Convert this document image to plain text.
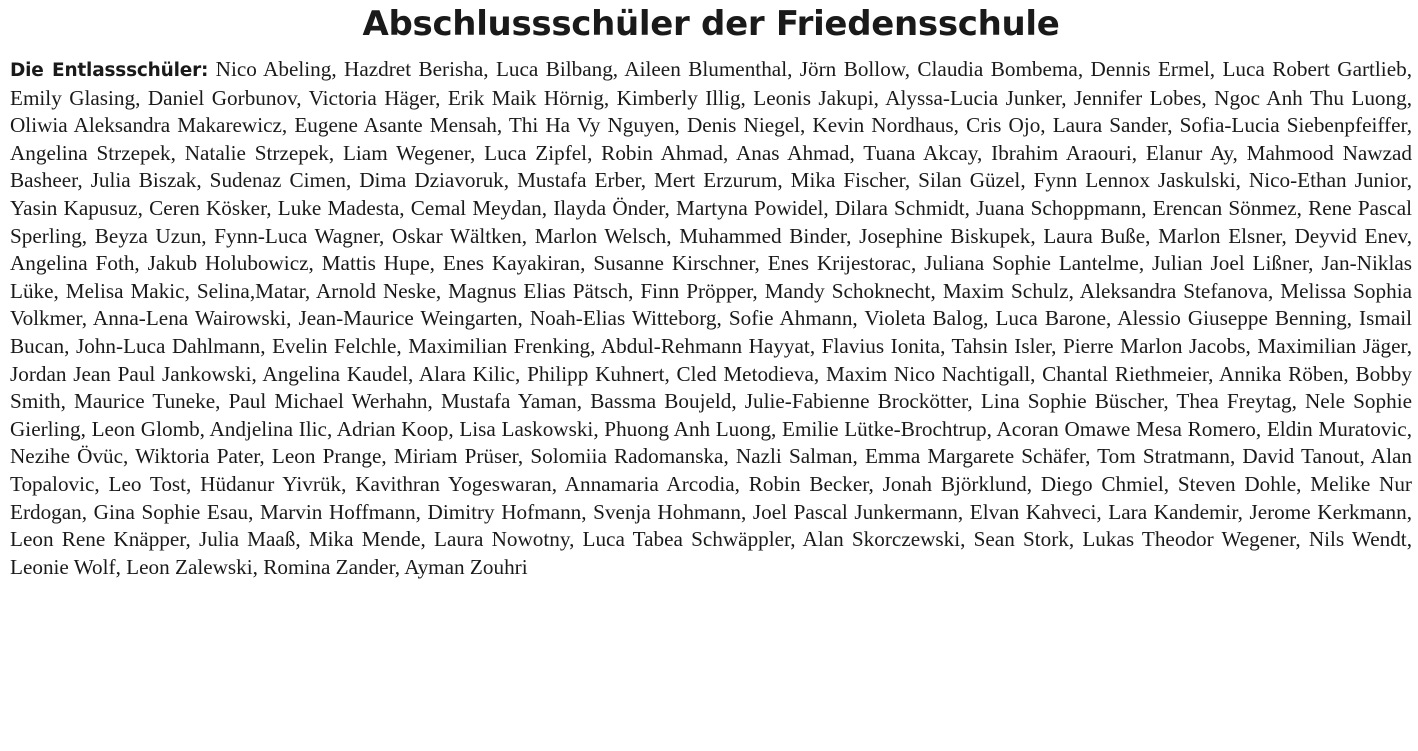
Abschlussschüler der Friedensschule

Die Entlassschüler: Nico Abeling, Hazdret Berisha, Luca Bilbang, Aileen Blumenthal, Jörn Bollow, Claudia Bombema, Dennis Ermel, Luca Robert Gartlieb, Emily Glasing, Daniel Gorbunov, Victoria Häger, Erik Maik Hörnig, Kimberly Illig, Leonis Jakupi, Alyssa-Lucia Junker, Jennifer Lobes, Ngoc Anh Thu Luong, Oliwia Aleksandra Makarewicz, Eugene Asante Mensah, Thi Ha Vy Nguyen, Denis Niegel, Kevin Nordhaus, Cris Ojo, Laura Sander, Sofia-Lucia Siebenpfeiffer, Angelina Strzepek, Natalie Strzepek, Liam Wegener, Luca Zipfel, Robin Ahmad, Anas Ahmad, Tuana Akcay, Ibrahim Araouri, Elanur Ay, Mahmood Nawzad Basheer, Julia Biszak, Sudenaz Cimen, Dima Dziavoruk, Mustafa Erber, Mert Erzurum, Mika Fischer, Silan Güzel, Fynn Lennox Jaskulski, Nico-Ethan Junior, Yasin Kapusuz, Ceren Kösker, Luke Madesta, Cemal Meydan, Ilayda Önder, Martyna Powidel, Dilara Schmidt, Juana Schoppmann, Erencan Sönmez, Rene Pascal Sperling, Beyza Uzun, Fynn-Luca Wagner, Oskar Wältken, Marlon Welsch, Muhammed Binder, Josephine Biskupek, Laura Buße, Marlon Elsner, Deyvid Enev, Angelina Foth, Jakub Holubowicz, Mattis Hupe, Enes Kayakiran, Susanne Kirschner, Enes Krijestorac, Juliana Sophie Lantelme, Julian Joel Lißner, Jan-Niklas Lüke, Melisa Makic, Selina,Matar, Arnold Neske, Magnus Elias Pätsch, Finn Pröpper, Mandy Schoknecht, Maxim Schulz, Aleksandra Stefanova, Melissa Sophia Volkmer, Anna-Lena Wairowski, Jean-Maurice Weingarten, Noah-Elias Witteborg, Sofie Ahmann, Violeta Balog, Luca Barone, Alessio Giuseppe Benning, Ismail Bucan, John-Luca Dahlmann, Evelin Felchle, Maximilian Frenking, Abdul-Rehmann Hayyat, Flavius Ionita, Tahsin Isler, Pierre Marlon Jacobs, Maximilian Jäger, Jordan Jean Paul Jankowski, Angelina Kaudel, Alara Kilic, Philipp Kuhnert, Cled Metodieva, Maxim Nico Nachtigall, Chantal Riethmeier, Annika Röben, Bobby Smith, Maurice Tuneke, Paul Michael Werhahn, Mustafa Yaman, Bassma Boujeld, Julie-Fabienne Brockötter, Lina Sophie Büscher, Thea Freytag, Nele Sophie Gierling, Leon Glomb, Andjelina Ilic, Adrian Koop, Lisa Laskowski, Phuong Anh Luong, Emilie Lütke-Brochtrup, Acoran Omawe Mesa Romero, Eldin Muratovic, Nezihe Övüc, Wiktoria Pater, Leon Prange, Miriam Prüser, Solomiia Radomanska, Nazli Salman, Emma Margarete Schäfer, Tom Stratmann, David Tanout, Alan Topalovic, Leo Tost, Hüdanur Yivrük, Kavithran Yogeswaran, Annamaria Arcodia, Robin Becker, Jonah Björklund, Diego Chmiel, Steven Dohle, Melike Nur Erdogan, Gina Sophie Esau, Marvin Hoffmann, Dimitry Hofmann, Svenja Hohmann, Joel Pascal Junkermann, Elvan Kahveci, Lara Kandemir, Jerome Kerkmann, Leon Rene Knäpper, Julia Maaß, Mika Mende, Laura Nowotny, Luca Tabea Schwäppler, Alan Skorczewski, Sean Stork, Lukas Theodor Wegener, Nils Wendt, Leonie Wolf, Leon Zalewski, Romina Zander, Ayman Zouhri
